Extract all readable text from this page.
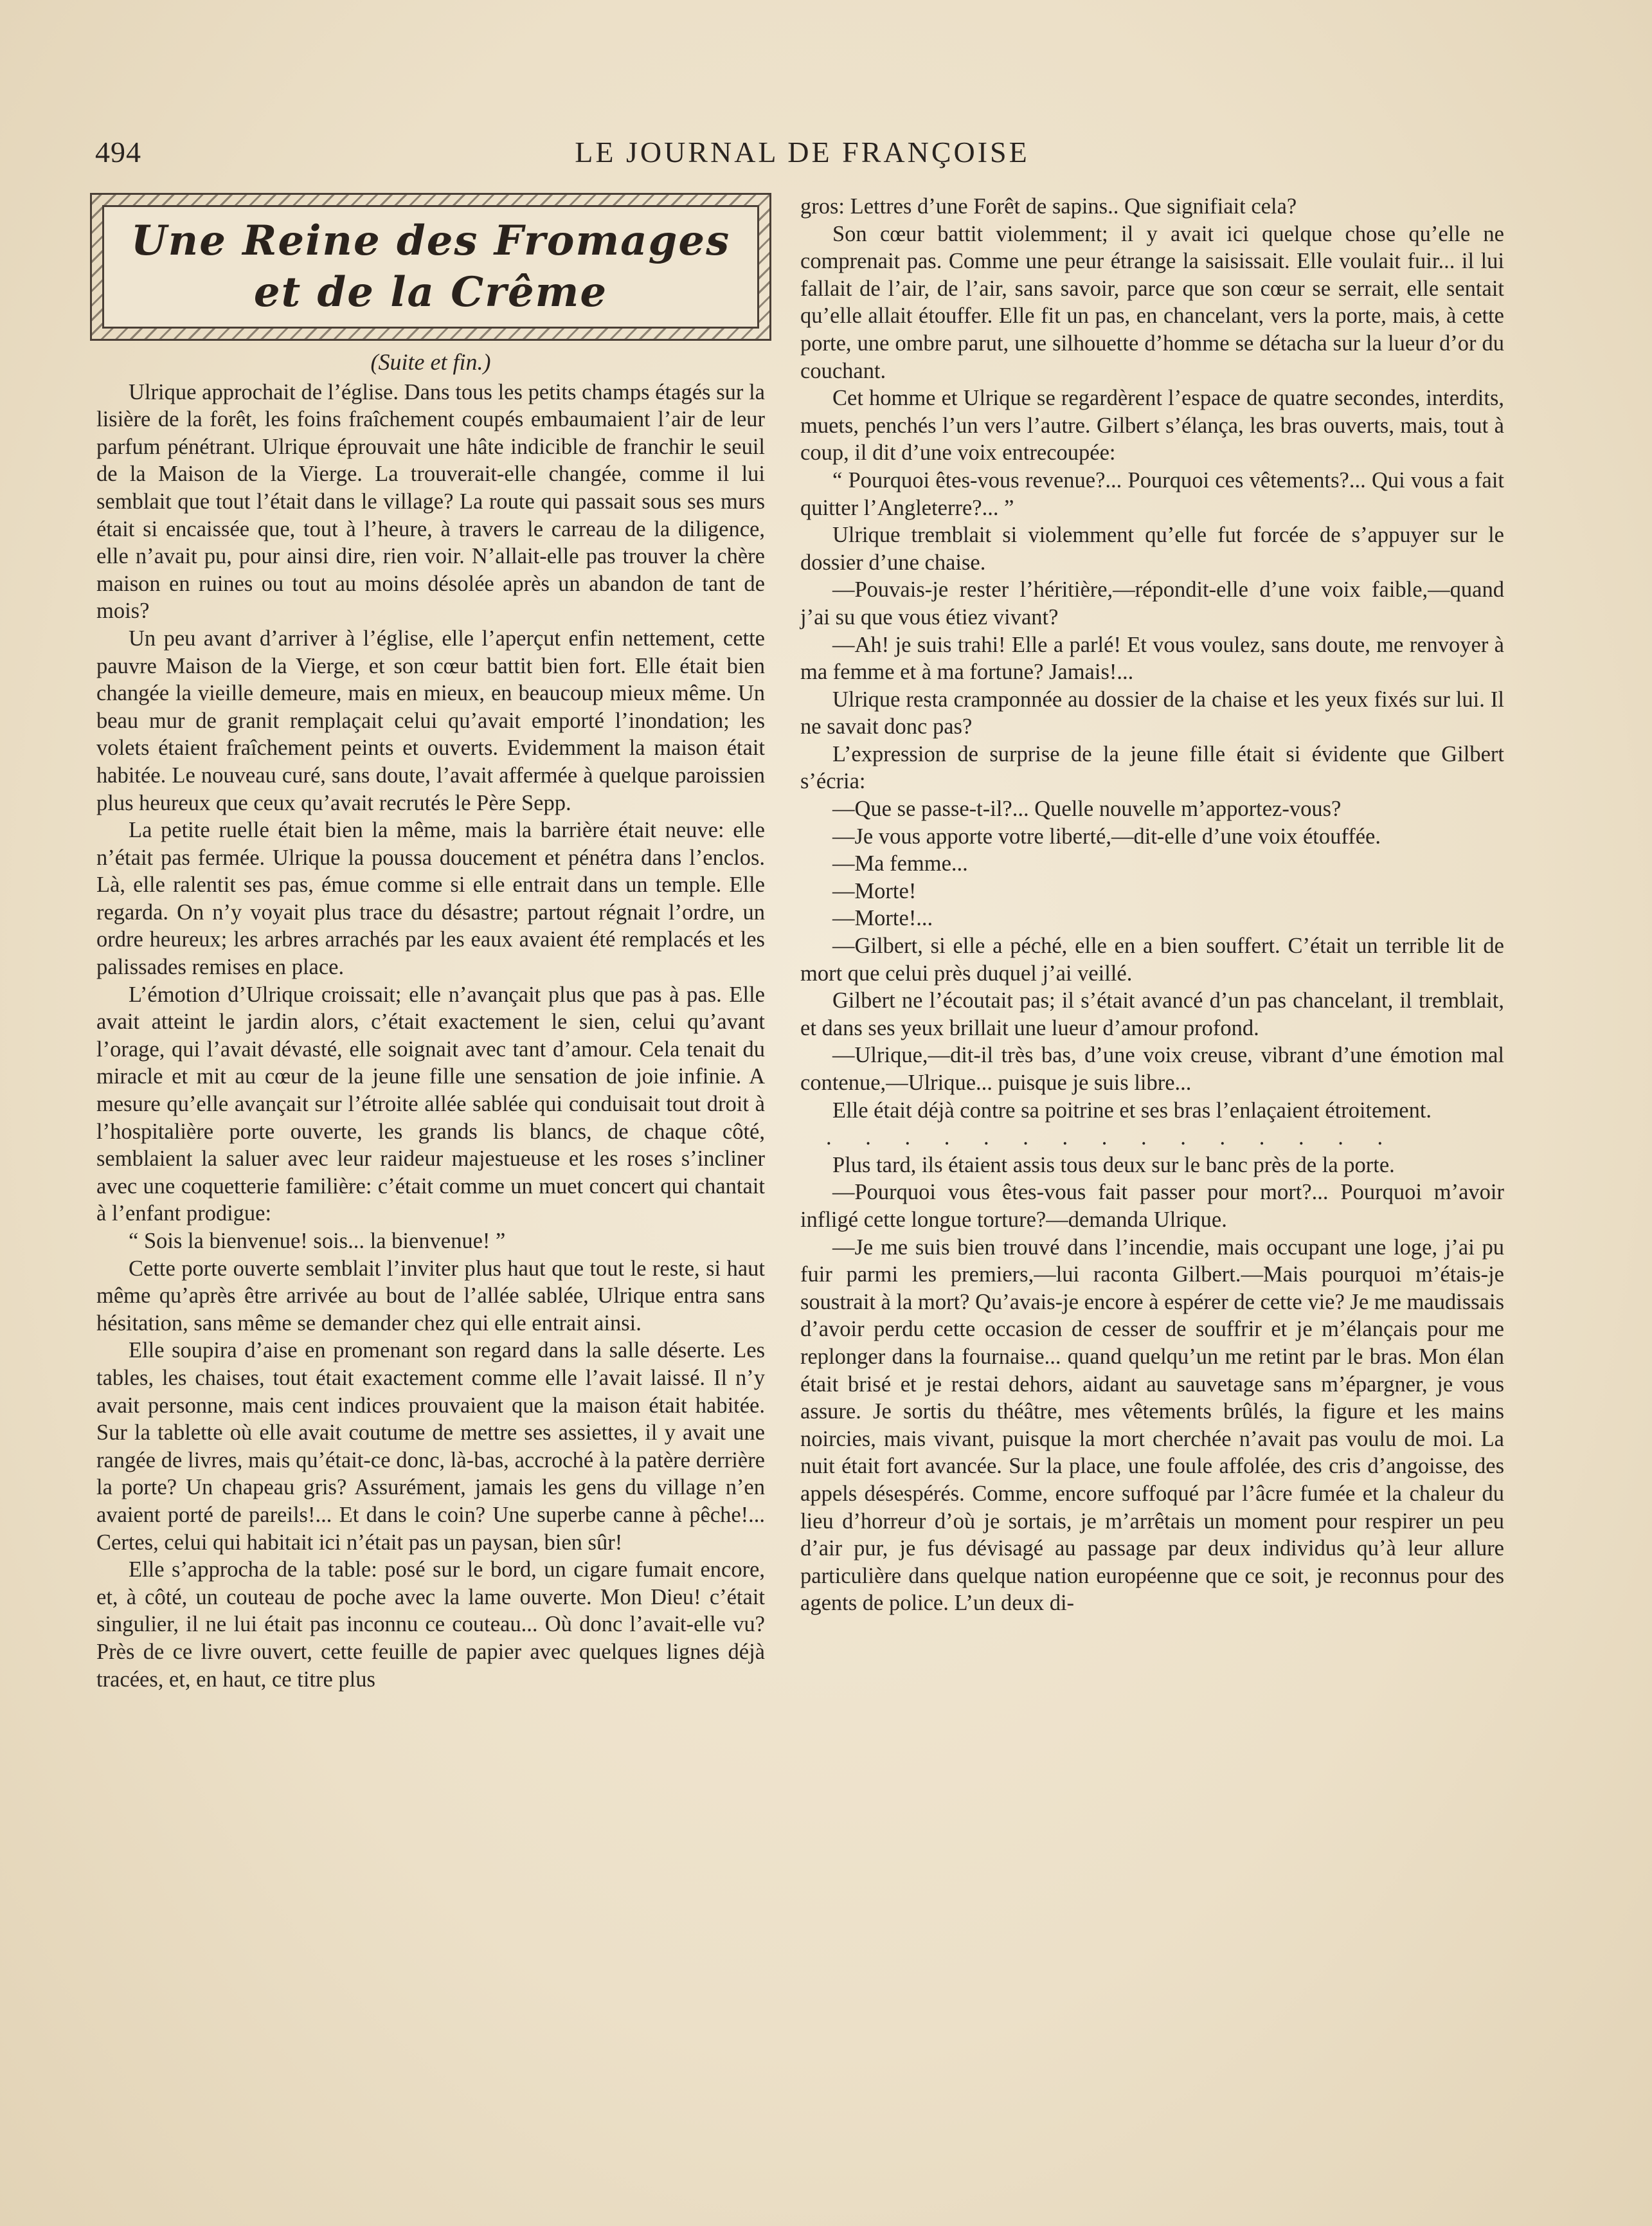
494	LE JOURNAL DE FRANÇOISE
Une Reine des Fromages
et de la Crême
(Suite et fin.)

Ulrique approchait de l’église. Dans tous les petits champs étagés sur la lisière de la forêt, les foins fraîchement coupés embaumaient l’air de leur parfum pénétrant. Ulrique éprouvait une hâte indicible de franchir le seuil de la Maison de la Vierge. La trouverait-elle changée, comme il lui semblait que tout l’était dans le village? La route qui passait sous ses murs était si encaissée que, tout à l’heure, à travers le carreau de la diligence, elle n’avait pu, pour ainsi dire, rien voir. N’allait-elle pas trouver la chère maison en ruines ou tout au moins désolée après un abandon de tant de mois?

Un peu avant d’arriver à l’église, elle l’aperçut enfin nettement, cette pauvre Maison de la Vierge, et son cœur battit bien fort. Elle était bien changée la vieille demeure, mais en mieux, en beaucoup mieux même. Un beau mur de granit remplaçait celui qu’avait emporté l’inondation; les volets étaient fraîchement peints et ouverts. Evidemment la maison était habitée. Le nouveau curé, sans doute, l’avait affermée à quelque paroissien plus heureux que ceux qu’avait recrutés le Père Sepp.

La petite ruelle était bien la même, mais la barrière était neuve: elle n’était pas fermée. Ulrique la poussa doucement et pénétra dans l’enclos. Là, elle ralentit ses pas, émue comme si elle entrait dans un temple. Elle regarda. On n’y voyait plus trace du désastre; partout régnait l’ordre, un ordre heureux; les arbres arrachés par les eaux avaient été remplacés et les palissades remises en place.

L’émotion d’Ulrique croissait; elle n’avançait plus que pas à pas. Elle avait atteint le jardin alors, c’était exactement le sien, celui qu’avant l’orage, qui l’avait dévasté, elle soignait avec tant d’amour. Cela tenait du miracle et mit au cœur de la jeune fille une sensation de joie infinie. A mesure qu’elle avançait sur l’étroite allée sablée qui conduisait tout droit à l’hospitalière porte ouverte, les grands lis blancs, de chaque côté, semblaient la saluer avec leur raideur majestueuse et les roses s’incliner avec une coquetterie familière: c’était comme un muet concert qui chantait à l’enfant prodigue:

“ Sois la bienvenue! sois... la bienvenue! ”

Cette porte ouverte semblait l’inviter plus haut que tout le reste, si haut même qu’après être arrivée au bout de l’allée sablée, Ulrique entra sans hésitation, sans même se demander chez qui elle entrait ainsi.

Elle soupira d’aise en promenant son regard dans la salle déserte. Les tables, les chaises, tout était exactement comme elle l’avait laissé. Il n’y avait personne, mais cent indices prouvaient que la maison était habitée. Sur la tablette où elle avait coutume de mettre ses assiettes, il y avait une rangée de livres, mais qu’était-ce donc, là-bas, accroché à la patère derrière la porte? Un chapeau gris? Assurément, jamais les gens du village n’en avaient porté de pareils!... Et dans le coin? Une superbe canne à pêche!... Certes, celui qui habitait ici n’était pas un paysan, bien sûr!

Elle s’approcha de la table: posé sur le bord, un cigare fumait encore, et, à côté, un couteau de poche avec la lame ouverte. Mon Dieu! c’était singulier, il ne lui était pas inconnu ce couteau... Où donc l’avait-elle vu? Près de ce livre ouvert, cette feuille de papier avec quelques lignes déjà tracées, et, en haut, ce titre plus

gros: Lettres d’une Forêt de sapins.. Que signifiait cela?

Son cœur battit violemment; il y avait ici quelque chose qu’elle ne comprenait pas. Comme une peur étrange la saisissait. Elle voulait fuir... il lui fallait de l’air, de l’air, sans savoir, parce que son cœur se serrait, elle sentait qu’elle allait étouffer. Elle fit un pas, en chancelant, vers la porte, mais, à cette porte, une ombre parut, une silhouette d’homme se détacha sur la lueur d’or du couchant.

Cet homme et Ulrique se regardèrent l’espace de quatre secondes, interdits, muets, penchés l’un vers l’autre. Gilbert s’élança, les bras ouverts, mais, tout à coup, il dit d’une voix entrecoupée:

“ Pourquoi êtes-vous revenue?... Pourquoi ces vêtements?... Qui vous a fait quitter l’Angleterre?... ”

Ulrique tremblait si violemment qu’elle fut forcée de s’appuyer sur le dossier d’une chaise.

—Pouvais-je rester l’héritière,—répondit-elle d’une voix faible,—quand j’ai su que vous étiez vivant?

—Ah! je suis trahi! Elle a parlé! Et vous voulez, sans doute, me renvoyer à ma femme et à ma fortune? Jamais!...

Ulrique resta cramponnée au dossier de la chaise et les yeux fixés sur lui. Il ne savait donc pas?

L’expression de surprise de la jeune fille était si évidente que Gilbert s’écria:

—Que se passe-t-il?... Quelle nouvelle m’apportez-vous?

—Je vous apporte votre liberté,—dit-elle d’une voix étouffée.

—Ma femme...

—Morte!

—Morte!...

—Gilbert, si elle a péché, elle en a bien souffert. C’était un terrible lit de mort que celui près duquel j’ai veillé.

Gilbert ne l’écoutait pas; il s’était avancé d’un pas chancelant, il tremblait, et dans ses yeux brillait une lueur d’amour profond.

—Ulrique,—dit-il très bas, d’une voix creuse, vibrant d’une émotion mal contenue,—Ulrique... puisque je suis libre...

Elle était déjà contre sa poitrine et ses bras l’enlaçaient étroitement.

. . . . . . . . . . . . . . .

Plus tard, ils étaient assis tous deux sur le banc près de la porte.

—Pourquoi vous êtes-vous fait passer pour mort?... Pourquoi m’avoir infligé cette longue torture?—demanda Ulrique.

—Je me suis bien trouvé dans l’incendie, mais occupant une loge, j’ai pu fuir parmi les premiers,—lui raconta Gilbert.—Mais pourquoi m’étais-je soustrait à la mort? Qu’avais-je encore à espérer de cette vie? Je me maudissais d’avoir perdu cette occasion de cesser de souffrir et je m’élançais pour me replonger dans la fournaise... quand quelqu’un me retint par le bras. Mon élan était brisé et je restai dehors, aidant au sauvetage sans m’épargner, je vous assure. Je sortis du théâtre, mes vêtements brûlés, la figure et les mains noircies, mais vivant, puisque la mort cherchée n’avait pas voulu de moi. La nuit était fort avancée. Sur la place, une foule affolée, des cris d’angoisse, des appels désespérés. Comme, encore suffoqué par l’âcre fumée et la chaleur du lieu d’horreur d’où je sortais, je m’arrêtais un moment pour respirer un peu d’air pur, je fus dévisagé au passage par deux individus qu’à leur allure particulière dans quelque nation européenne que ce soit, je reconnus pour des agents de police. L’un deux di-
